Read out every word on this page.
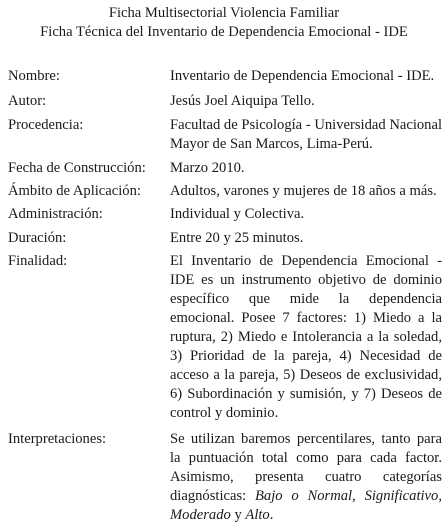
Ficha Multisectorial Violencia Familiar
Ficha Técnica del Inventario de Dependencia Emocional - IDE
Nombre:	Inventario de Dependencia Emocional - IDE.
Autor:	Jesús Joel Aiquipa Tello.
Procedencia:	Facultad de Psicología - Universidad Nacional Mayor de San Marcos, Lima-Perú.
Fecha de Construcción: Marzo 2010.
Ámbito de Aplicación: Adultos, varones y mujeres de 18 años a más.
Administración:	Individual y Colectiva.
Duración:	Entre 20 y 25 minutos.
Finalidad:	El Inventario de Dependencia Emocional - IDE es un instrumento objetivo de dominio específico que mide la dependencia emocional. Posee 7 factores: 1) Miedo a la ruptura, 2) Miedo e Intolerancia a la soledad, 3) Prioridad de la pareja, 4) Necesidad de acceso a la pareja, 5) Deseos de exclusividad, 6) Subordinación y sumisión, y 7) Deseos de control y dominio.
Interpretaciones:	Se utilizan baremos percentilares, tanto para la puntuación total como para cada factor. Asimismo, presenta cuatro categorías diagnósticas: Bajo o Normal, Significativo, Moderado y Alto.
